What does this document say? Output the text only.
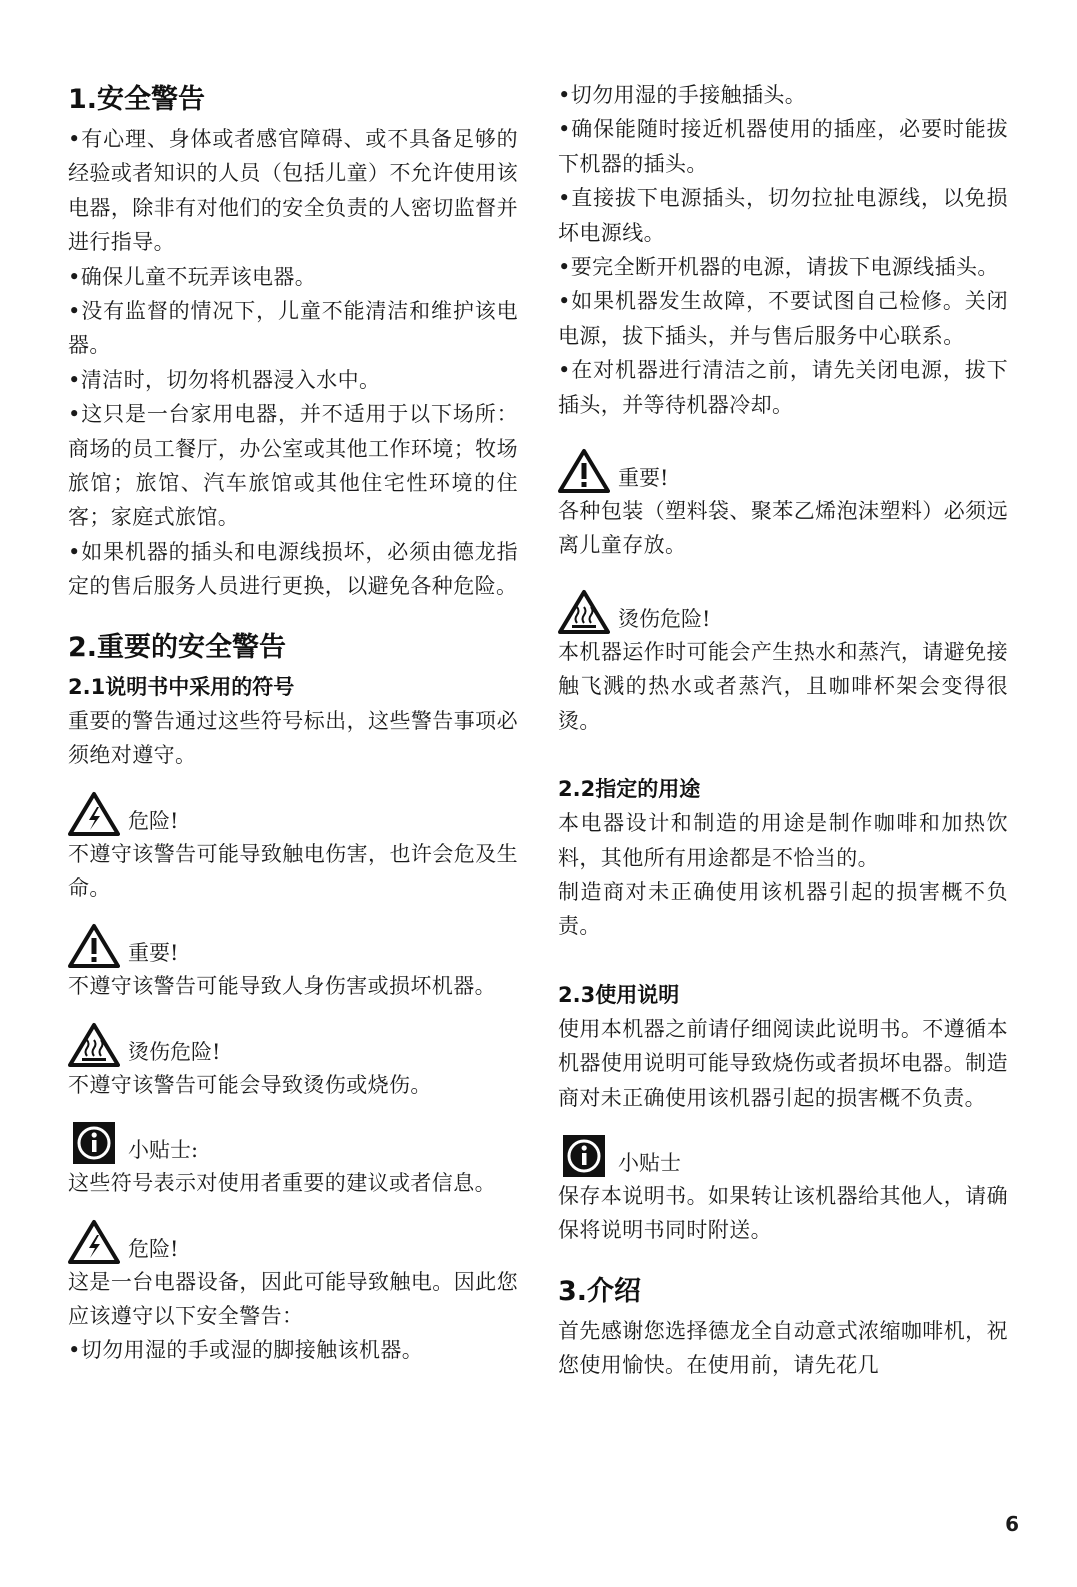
1.安全警告

•有心理、身体或者感官障碍、或不具备足够的经验或者知识的人员（包括儿童）不允许使用该电器，除非有对他们的安全负责的人密切监督并进行指导。

•确保儿童不玩弄该电器。

•没有监督的情况下，儿童不能清洁和维护该电器。

•清洁时，切勿将机器浸入水中。

•这只是一台家用电器，并不适用于以下场所：商场的员工餐厅，办公室或其他工作环境；牧场旅馆；旅馆、汽车旅馆或其他住宅性环境的住客；家庭式旅馆。

•如果机器的插头和电源线损坏，必须由德龙指定的售后服务人员进行更换，以避免各种危险。

2.重要的安全警告
2.1说明书中采用的符号

重要的警告通过这些符号标出，这些警告事项必须绝对遵守。

危险!

不遵守该警告可能导致触电伤害，也许会危及生命。

重要!

不遵守该警告可能导致人身伤害或损坏机器。

烫伤危险!

不遵守该警告可能会导致烫伤或烧伤。

小贴士:

这些符号表示对使用者重要的建议或者信息。

危险!

这是一台电器设备，因此可能导致触电。因此您应该遵守以下安全警告：

•切勿用湿的手或湿的脚接触该机器。

•切勿用湿的手接触插头。

•确保能随时接近机器使用的插座，必要时能拔下机器的插头。

•直接拔下电源插头，切勿拉扯电源线，以免损坏电源线。

•要完全断开机器的电源，请拔下电源线插头。

•如果机器发生故障，不要试图自己检修。关闭电源，拔下插头，并与售后服务中心联系。

•在对机器进行清洁之前，请先关闭电源，拔下插头，并等待机器冷却。

重要!

各种包装（塑料袋、聚苯乙烯泡沫塑料）必须远离儿童存放。

烫伤危险!

本机器运作时可能会产生热水和蒸汽，请避免接触飞溅的热水或者蒸汽，且咖啡杯架会变得很烫。

2.2指定的用途

本电器设计和制造的用途是制作咖啡和加热饮料，其他所有用途都是不恰当的。

制造商对未正确使用该机器引起的损害概不负责。

2.3使用说明

使用本机器之前请仔细阅读此说明书。不遵循本机器使用说明可能导致烧伤或者损坏电器。制造商对未正确使用该机器引起的损害概不负责。

小贴士

保存本说明书。如果转让该机器给其他人，请确保将说明书同时附送。

3.介绍

首先感谢您选择德龙全自动意式浓缩咖啡机，祝您使用愉快。在使用前，请先花几

6
